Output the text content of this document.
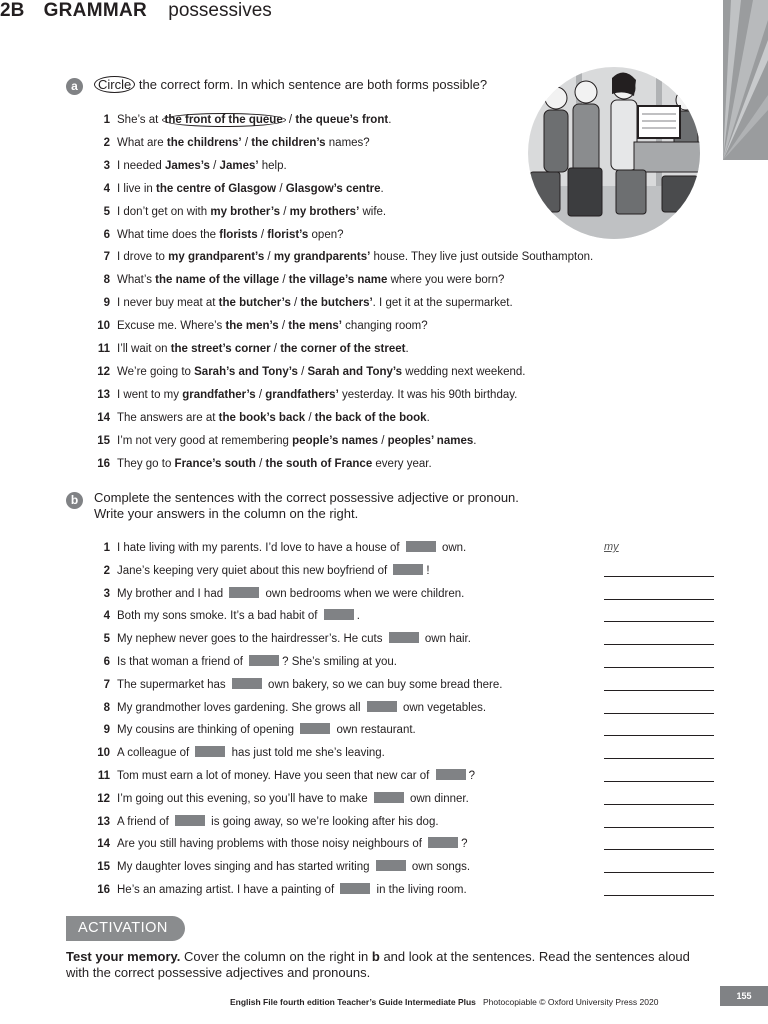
2B GRAMMAR possessives
a	Circle the correct form. In which sentence are both forms possible?
1 She’s at the front of the queue / the queue’s front.
2 What are the childrens’ / the children’s names?
3 I needed James’s / James’ help.
4 I live in the centre of Glasgow / Glasgow’s centre.
5 I don’t get on with my brother’s / my brothers’ wife.
6 What time does the florists / florist’s open?
7 I drove to my grandparent’s / my grandparents’ house. They live just outside Southampton.
8 What’s the name of the village / the village’s name where you were born?
9 I never buy meat at the butcher’s / the butchers’. I get it at the supermarket.
10 Excuse me. Where’s the men’s / the mens’ changing room?
11 I’ll wait on the street’s corner / the corner of the street.
12 We’re going to Sarah’s and Tony’s / Sarah and Tony’s wedding next weekend.
13 I went to my grandfather’s / grandfathers’ yesterday. It was his 90th birthday.
14 The answers are at the book’s back / the back of the book.
15 I’m not very good at remembering people’s names / peoples’ names.
16 They go to France’s south / the south of France every year.
b	Complete the sentences with the correct possessive adjective or pronoun.
Write your answers in the column on the right.
1 I hate living with my parents. I’d love to have a house of	own.
2 Jane’s keeping very quiet about this new boyfriend of	!
3 My brother and I had	own bedrooms when we were children.
4 Both my sons smoke. It’s a bad habit of	.
5 My nephew never goes to the hairdresser’s. He cuts	own hair.
6 Is that woman a friend of	? She’s smiling at you.
7 The supermarket has	own bakery, so we can buy some bread there.
8 My grandmother loves gardening. She grows all	own vegetables.
9 My cousins are thinking of opening	own restaurant.
10 A colleague of	has just told me she’s leaving.
11 Tom must earn a lot of money. Have you seen that new car of	?
12 I’m going out this evening, so you’ll have to make	own dinner.
13 A friend of	is going away, so we’re looking after his dog.
14 Are you still having problems with those noisy neighbours of	?
15 My daughter loves singing and has started writing	own songs.
16 He’s an amazing artist. I have a painting of	in the living room.
my
ACTIVATION
Test your memory. Cover the column on the right in b and look at the sentences. Read the sentences aloud with the correct possessive adjectives and pronouns.
English File fourth edition Teacher’s Guide Intermediate Plus Photocopiable © Oxford University Press 2020
155
